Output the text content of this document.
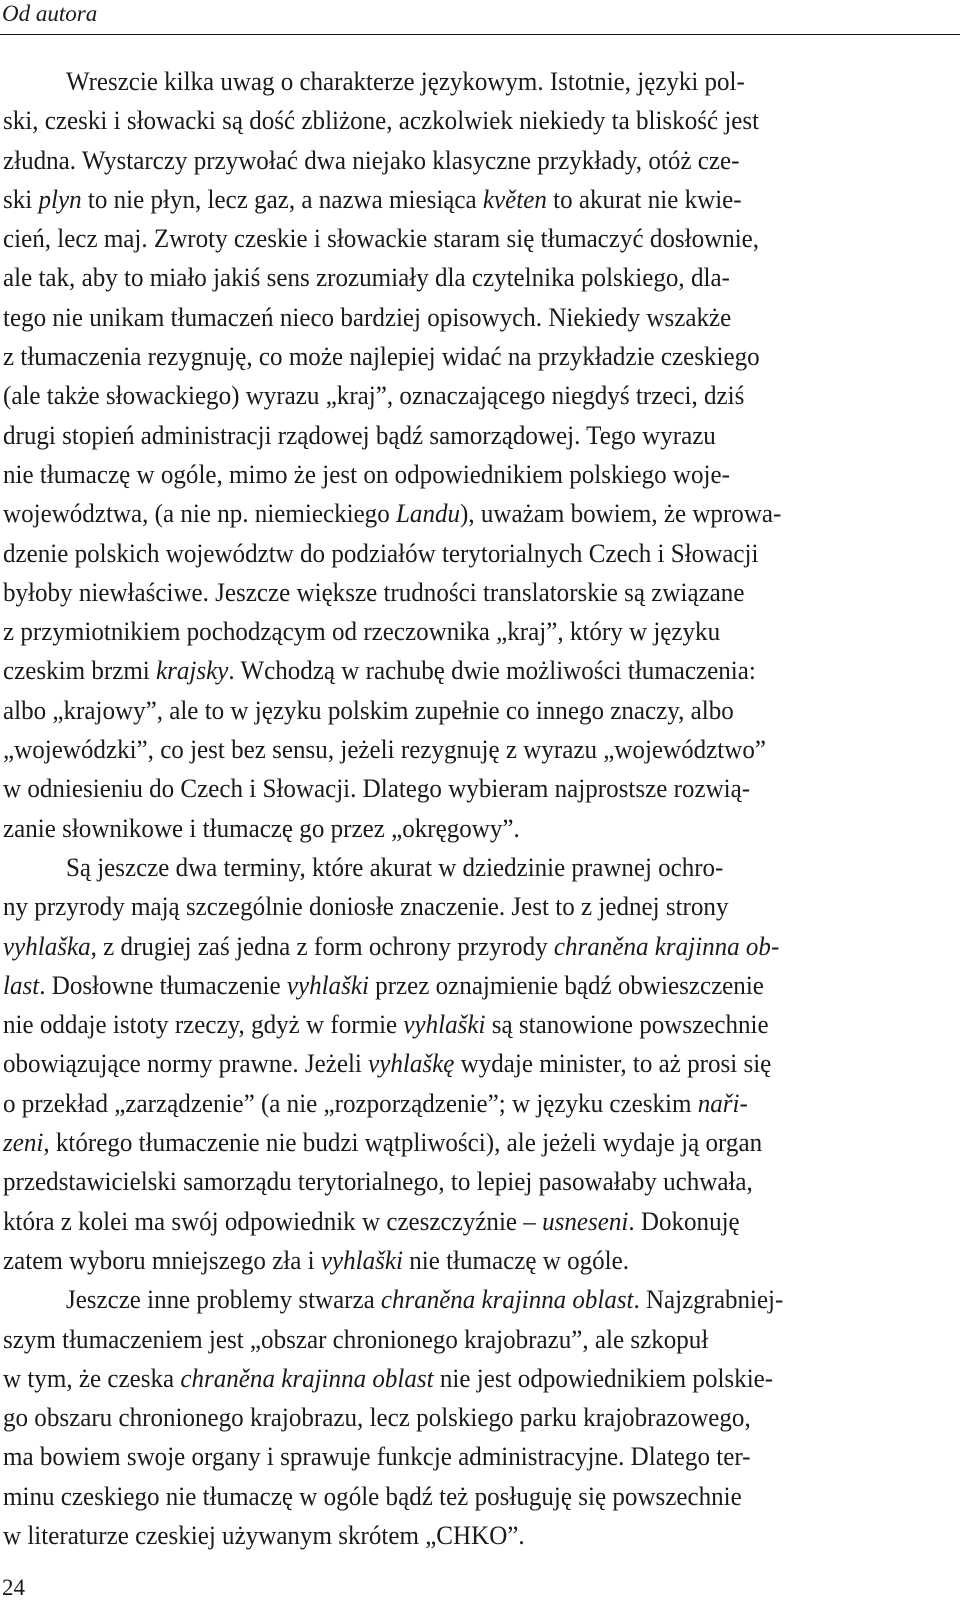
Od autora
Wreszcie kilka uwag o charakterze językowym. Istotnie, języki pol-
ski, czeski i słowacki są dość zbliżone, aczkolwiek niekiedy ta bliskość jest
złudna. Wystarczy przywołać dwa niejako klasyczne przykłady, otóż cze-
ski plyn to nie płyn, lecz gaz, a nazwa miesiąca květen to akurat nie kwie-
cień, lecz maj. Zwroty czeskie i słowackie staram się tłumaczyć dosłownie,
ale tak, aby to miało jakiś sens zrozumiały dla czytelnika polskiego, dla-
tego nie unikam tłumaczeń nieco bardziej opisowych. Niekiedy wszakże
z tłumaczenia rezygnuję, co może najlepiej widać na przykładzie czeskiego
(ale także słowackiego) wyrazu „kraj”, oznaczającego niegdyś trzeci, dziś
drugi stopień administracji rządowej bądź samorządowej. Tego wyrazu
nie tłumaczę w ogóle, mimo że jest on odpowiednikiem polskiego woje-
województwa, (a nie np. niemieckiego Landu), uważam bowiem, że wprowa-
dzenie polskich województw do podziałów terytorialnych Czech i Słowacji
byłoby niewłaściwe. Jeszcze większe trudności translatorskie są związane
z przymiotnikiem pochodzącym od rzeczownika „kraj”, który w języku
czeskim brzmi krajsky. Wchodzą w rachubę dwie możliwości tłumaczenia:
albo „krajowy”, ale to w języku polskim zupełnie co innego znaczy, albo
„wojewódzki”, co jest bez sensu, jeżeli rezygnuję z wyrazu „województwo”
w odniesieniu do Czech i Słowacji. Dlatego wybieram najprostsze rozwią-
zanie słownikowe i tłumaczę go przez „okręgowy”.
Są jeszcze dwa terminy, które akurat w dziedzinie prawnej ochro-
ny przyrody mają szczególnie doniosłe znaczenie. Jest to z jednej strony
vyhlaška, z drugiej zaś jedna z form ochrony przyrody chraněna krajinna ob-
last. Dosłowne tłumaczenie vyhlaški przez oznajmienie bądź obwieszczenie
nie oddaje istoty rzeczy, gdyż w formie vyhlaški są stanowione powszechnie
obowiązujące normy prawne. Jeżeli vyhlaškę wydaje minister, to aż prosi się
o przekład „zarządzenie” (a nie „rozporządzenie”; w języku czeskim naři-
zeni, którego tłumaczenie nie budzi wątpliwości), ale jeżeli wydaje ją organ
przedstawicielski samorządu terytorialnego, to lepiej pasowałaby uchwała,
która z kolei ma swój odpowiednik w czeszczyźnie – usneseni. Dokonuję
zatem wyboru mniejszego zła i vyhlaški nie tłumaczę w ogóle.
Jeszcze inne problemy stwarza chraněna krajinna oblast. Najzgrabniej-
szym tłumaczeniem jest „obszar chronionego krajobrazu”, ale szkopuł
w tym, że czeska chraněna krajinna oblast nie jest odpowiednikiem polskie-
go obszaru chronionego krajobrazu, lecz polskiego parku krajobrazowego,
ma bowiem swoje organy i sprawuje funkcje administracyjne. Dlatego ter-
minu czeskiego nie tłumaczę w ogóle bądź też posługuję się powszechnie
w literaturze czeskiej używanym skrótem „CHKO”.
24
